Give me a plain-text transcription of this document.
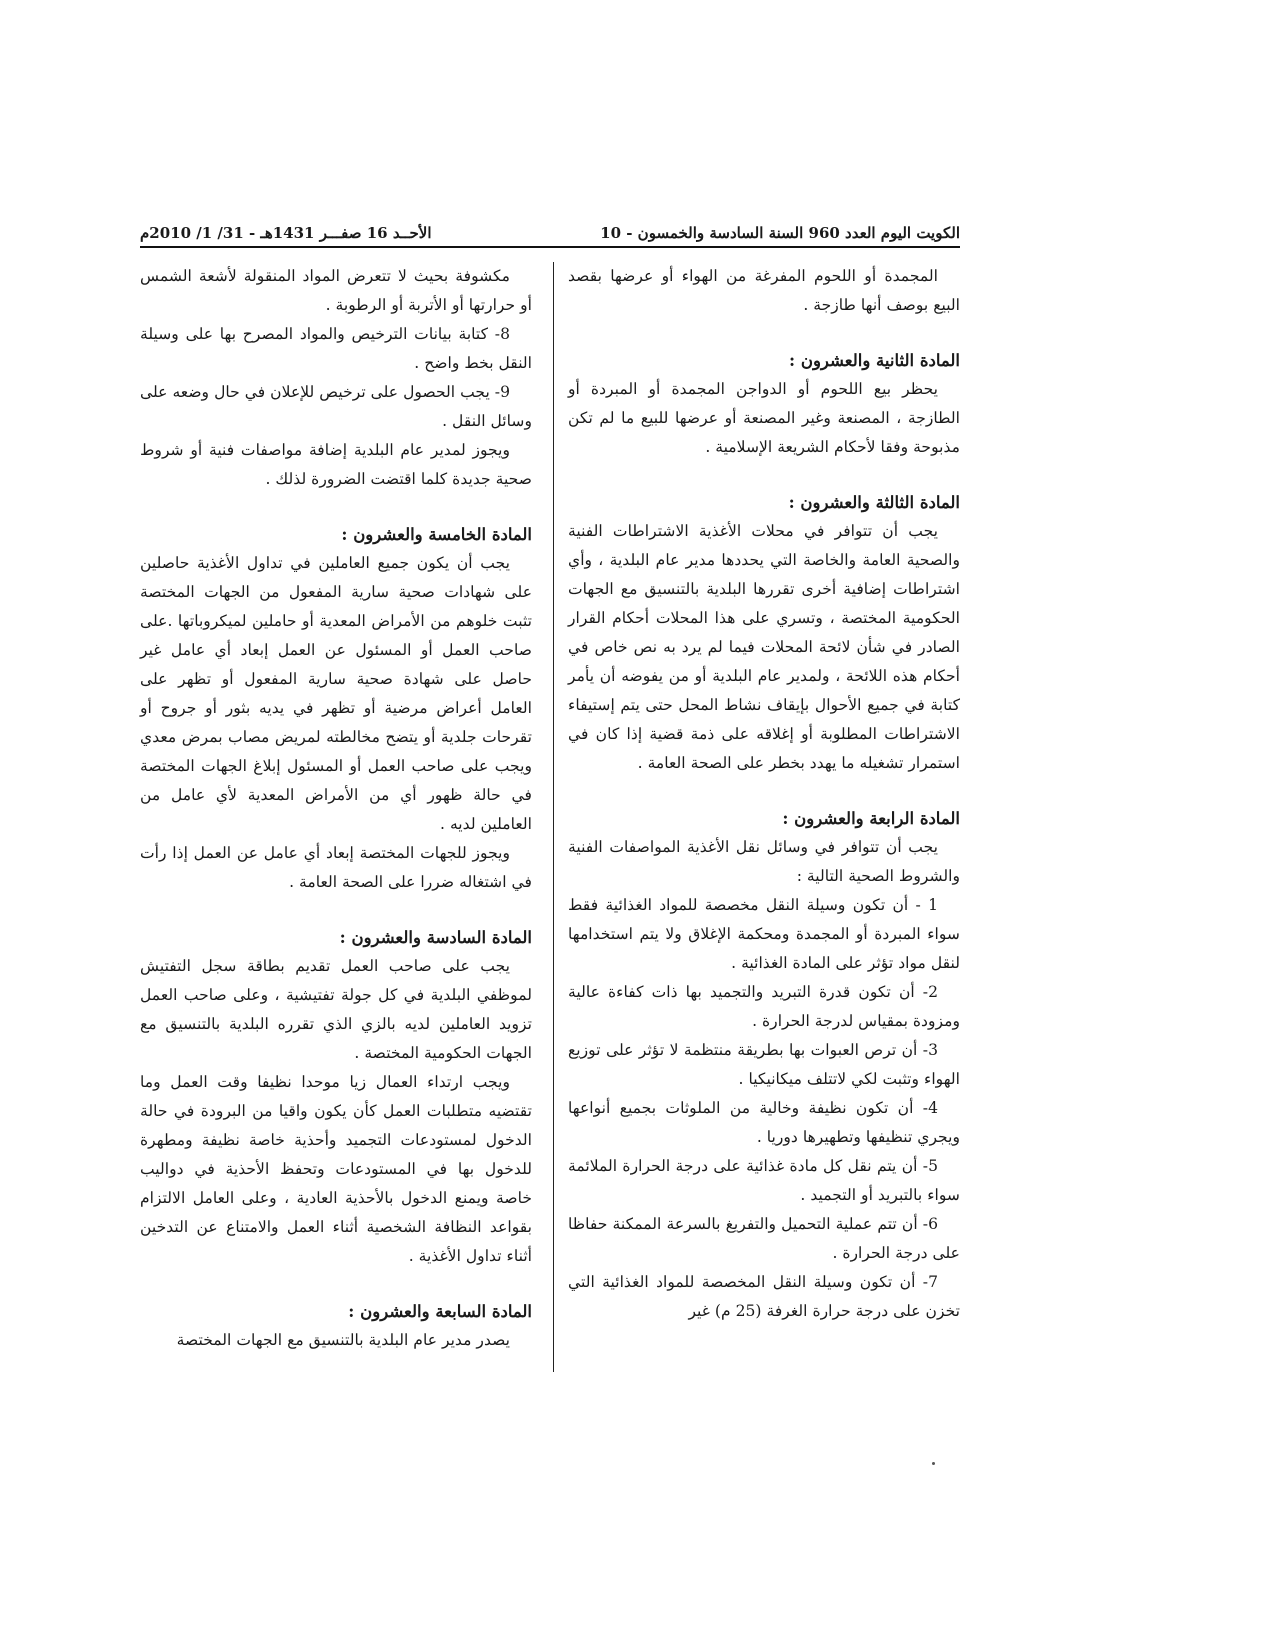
الكويت اليوم العدد 960 السنة السادسة والخمسون - 10
الأحــد 16 صفـــر 1431هـ - 31/ 1/ 2010م

المجمدة أو اللحوم المفرغة من الهواء أو عرضها بقصد البيع بوصف أنها طازجة .

المادة الثانية والعشرون :

يحظر بيع اللحوم أو الدواجن المجمدة أو المبردة أو الطازجة ، المصنعة وغير المصنعة أو عرضها للبيع ما لم تكن مذبوحة وفقا لأحكام الشريعة الإسلامية .

المادة الثالثة والعشرون :

يجب أن تتوافر في محلات الأغذية الاشتراطات الفنية والصحية العامة والخاصة التي يحددها مدير عام البلدية ، وأي اشتراطات إضافية أخرى تقررها البلدية بالتنسيق مع الجهات الحكومية المختصة ، وتسري على هذا المحلات أحكام القرار الصادر في شأن لائحة المحلات فيما لم يرد به نص خاص في أحكام هذه اللائحة ، ولمدير عام البلدية أو من يفوضه أن يأمر كتابة في جميع الأحوال بإيقاف نشاط المحل حتى يتم إستيفاء الاشتراطات المطلوبة أو إغلاقه على ذمة قضية إذا كان في استمرار تشغيله ما يهدد بخطر على الصحة العامة .

المادة الرابعة والعشرون :

يجب أن تتوافر في وسائل نقل الأغذية المواصفات الفنية والشروط الصحية التالية :

1 - أن تكون وسيلة النقل مخصصة للمواد الغذائية فقط سواء المبردة أو المجمدة ومحكمة الإغلاق ولا يتم استخدامها لنقل مواد تؤثر على المادة الغذائية .

2- أن تكون قدرة التبريد والتجميد بها ذات كفاءة عالية ومزودة بمقياس لدرجة الحرارة .

3- أن ترص العبوات بها بطريقة منتظمة لا تؤثر على توزيع الهواء وتثبت لكي لاتتلف ميكانيكيا .

4- أن تكون نظيفة وخالية من الملوثات بجميع أنواعها ويجري تنظيفها وتطهيرها دوريا .

5- أن يتم نقل كل مادة غذائية على درجة الحرارة الملائمة سواء بالتبريد أو التجميد .

6- أن تتم عملية التحميل والتفريغ بالسرعة الممكنة حفاظا على درجة الحرارة .

7- أن تكون وسيلة النقل المخصصة للمواد الغذائية التي تخزن على درجة حرارة الغرفة (25 م) غير

مكشوفة بحيث لا تتعرض المواد المنقولة لأشعة الشمس أو حرارتها أو الأتربة أو الرطوبة .

8- كتابة بيانات الترخيص والمواد المصرح بها على وسيلة النقل بخط واضح .

9- يجب الحصول على ترخيص للإعلان في حال وضعه على وسائل النقل .

ويجوز لمدير عام البلدية إضافة مواصفات فنية أو شروط صحية جديدة كلما اقتضت الضرورة لذلك .

المادة الخامسة والعشرون :

يجب أن يكون جميع العاملين في تداول الأغذية حاصلين على شهادات صحية سارية المفعول من الجهات المختصة تثبت خلوهم من الأمراض المعدية أو حاملين لميكروباتها .على صاحب العمل أو المسئول عن العمل إبعاد أي عامل غير حاصل على شهادة صحية سارية المفعول أو تظهر على العامل أعراض مرضية أو تظهر في يديه بثور أو جروح أو تقرحات جلدية أو يتضح مخالطته لمريض مصاب بمرض معدي ويجب على صاحب العمل أو المسئول إبلاغ الجهات المختصة في حالة ظهور أي من الأمراض المعدية لأي عامل من العاملين لديه .

ويجوز للجهات المختصة إبعاد أي عامل عن العمل إذا رأت في اشتغاله ضررا على الصحة العامة .

المادة السادسة والعشرون :

يجب على صاحب العمل تقديم بطاقة سجل التفتيش لموظفي البلدية في كل جولة تفتيشية ، وعلى صاحب العمل تزويد العاملين لديه بالزي الذي تقرره البلدية بالتنسيق مع الجهات الحكومية المختصة .

ويجب ارتداء العمال زيا موحدا نظيفا وقت العمل وما تقتضيه متطلبات العمل كأن يكون واقيا من البرودة في حالة الدخول لمستودعات التجميد وأحذية خاصة نظيفة ومطهرة للدخول بها في المستودعات وتحفظ الأحذية في دواليب خاصة ويمنع الدخول بالأحذية العادية ، وعلى العامل الالتزام بقواعد النظافة الشخصية أثناء العمل والامتناع عن التدخين أثناء تداول الأغذية .

المادة السابعة والعشرون :

يصدر مدير عام البلدية بالتنسيق مع الجهات المختصة
